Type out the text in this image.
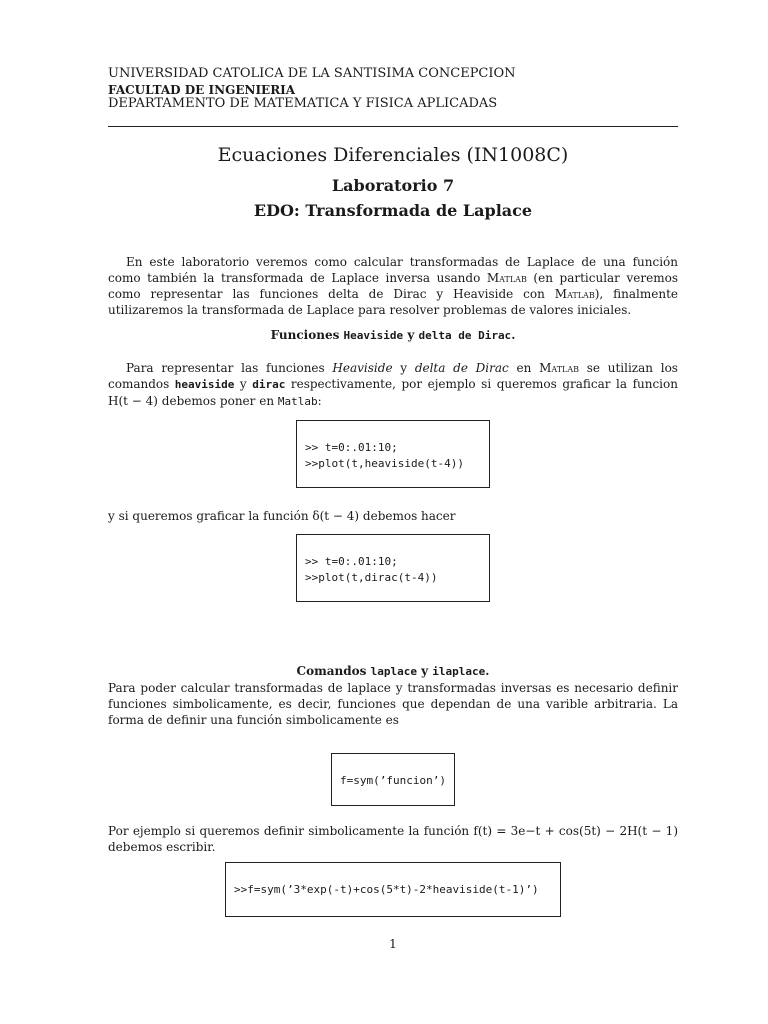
UNIVERSIDAD CATOLICA DE LA SANTISIMA CONCEPCION
FACULTAD DE INGENIERIA
DEPARTAMENTO DE MATEMATICA Y FISICA APLICADAS
Ecuaciones Diferenciales (IN1008C)
Laboratorio 7
EDO: Transformada de Laplace
En este laboratorio veremos como calcular transformadas de Laplace de una función como también la transformada de Laplace inversa usando Matlab (en particular veremos como representar las funciones delta de Dirac y Heaviside con Matlab), finalmente utilizaremos la transformada de Laplace para resolver problemas de valores iniciales.
Funciones Heaviside y delta de Dirac.
Para representar las funciones Heaviside y delta de Dirac en Matlab se utilizan los comandos heaviside y dirac respectivamente, por ejemplo si queremos graficar la funcion H(t − 4) debemos poner en Matlab:
>> t=0:.01:10;
>>plot(t,heaviside(t-4))
y si queremos graficar la función δ(t − 4) debemos hacer
>> t=0:.01:10;
>>plot(t,dirac(t-4))
Comandos laplace y ilaplace.
Para poder calcular transformadas de laplace y transformadas inversas es necesario definir funciones simbolicamente, es decir, funciones que dependan de una varible arbitraria. La forma de definir una función simbolicamente es
f=sym(’funcion’)
Por ejemplo si queremos definir simbolicamente la función f(t) = 3e−t + cos(5t) − 2H(t − 1) debemos escribir.
>>f=sym(’3*exp(-t)+cos(5*t)-2*heaviside(t-1)’)
1
